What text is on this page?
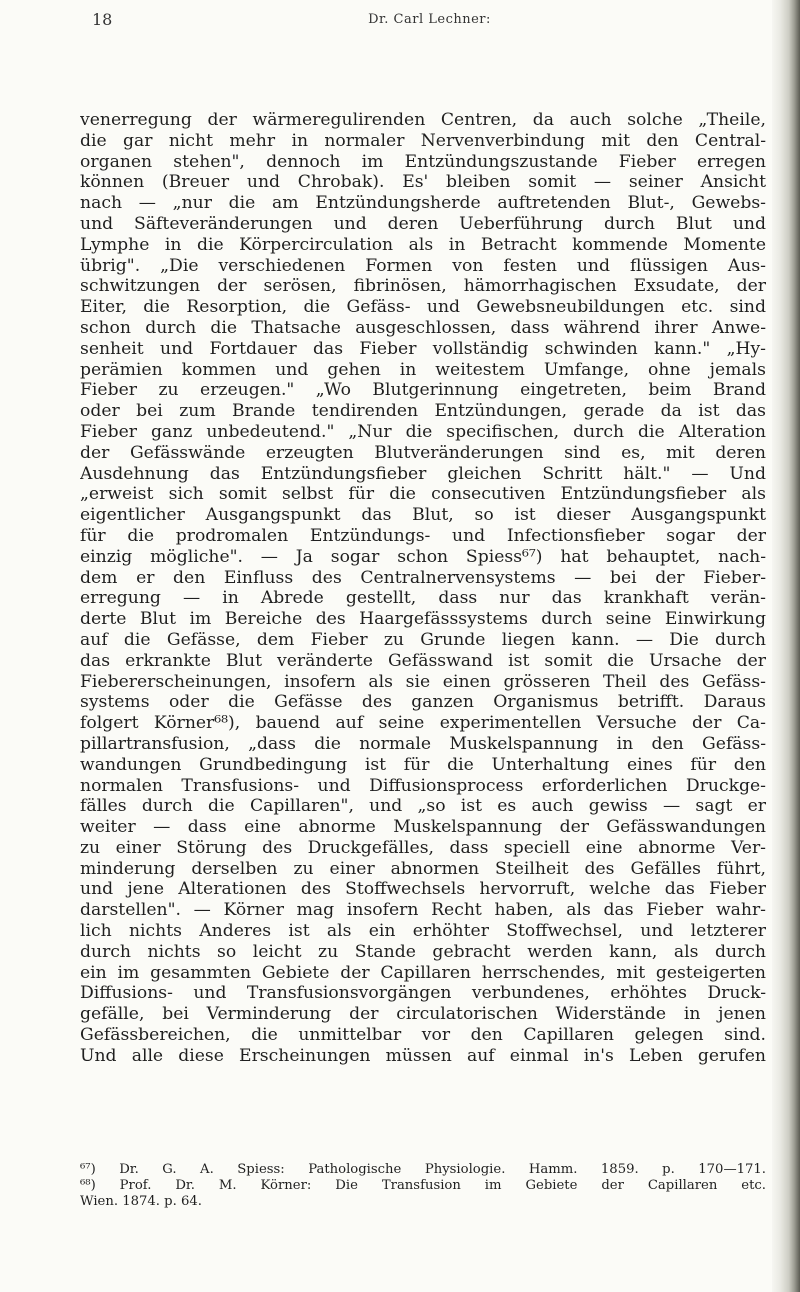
18	Dr. Carl Lechner:
venerregung der wärmeregulirenden Centren, da auch solche „Theile,
die gar nicht mehr in normaler Nervenverbindung mit den Central-
organen stehen", dennoch im Entzündungszustande Fieber erregen
können (Breuer und Chrobak). Es' bleiben somit — seiner Ansicht
nach — „nur die am Entzündungsherde auftretenden Blut-, Gewebs-
und Säfteveränderungen und deren Ueberführung durch Blut und
Lymphe in die Körpercirculation als in Betracht kommende Momente
übrig". „Die verschiedenen Formen von festen und flüssigen Aus-
schwitzungen der serösen, fibrinösen, hämorrhagischen Exsudate, der
Eiter, die Resorption, die Gefäss- und Gewebsneubildungen etc. sind
schon durch die Thatsache ausgeschlossen, dass während ihrer Anwe-
senheit und Fortdauer das Fieber vollständig schwinden kann." „Hy-
perämien kommen und gehen in weitestem Umfange, ohne jemals
Fieber zu erzeugen." „Wo Blutgerinnung eingetreten, beim Brand
oder bei zum Brande tendirenden Entzündungen, gerade da ist das
Fieber ganz unbedeutend." „Nur die specifischen, durch die Alteration
der Gefässwände erzeugten Blutveränderungen sind es, mit deren
Ausdehnung das Entzündungsfieber gleichen Schritt hält." — Und
„erweist sich somit selbst für die consecutiven Entzündungsfieber als
eigentlicher Ausgangspunkt das Blut, so ist dieser Ausgangspunkt
für die prodromalen Entzündungs- und Infectionsfieber sogar der
einzig mögliche". — Ja sogar schon Spiess⁶⁷) hat behauptet, nach-
dem er den Einfluss des Centralnervensystems — bei der Fieber-
erregung — in Abrede gestellt, dass nur das krankhaft verän-
derte Blut im Bereiche des Haargefässsystems durch seine Einwirkung
auf die Gefässe, dem Fieber zu Grunde liegen kann. — Die durch
das erkrankte Blut veränderte Gefässwand ist somit die Ursache der
Fiebererscheinungen, insofern als sie einen grösseren Theil des Gefäss-
systems oder die Gefässe des ganzen Organismus betrifft. Daraus
folgert Körner⁶⁸), bauend auf seine experimentellen Versuche der Ca-
pillartransfusion, „dass die normale Muskelspannung in den Gefäss-
wandungen Grundbedingung ist für die Unterhaltung eines für den
normalen Transfusions- und Diffusionsprocess erforderlichen Druckge-
fälles durch die Capillaren", und „so ist es auch gewiss — sagt er
weiter — dass eine abnorme Muskelspannung der Gefässwandungen
zu einer Störung des Druckgefälles, dass speciell eine abnorme Ver-
minderung derselben zu einer abnormen Steilheit des Gefälles führt,
und jene Alterationen des Stoffwechsels hervorruft, welche das Fieber
darstellen". — Körner mag insofern Recht haben, als das Fieber wahr-
lich nichts Anderes ist als ein erhöhter Stoffwechsel, und letzterer
durch nichts so leicht zu Stande gebracht werden kann, als durch
ein im gesammten Gebiete der Capillaren herrschendes, mit gesteigerten
Diffusions- und Transfusionsvorgängen verbundenes, erhöhtes Druck-
gefälle, bei Verminderung der circulatorischen Widerstände in jenen
Gefässbereichen, die unmittelbar vor den Capillaren gelegen sind.
Und alle diese Erscheinungen müssen auf einmal in's Leben gerufen
⁶⁷) Dr. G. A. Spiess: Pathologische Physiologie. Hamm. 1859. p. 170—171.
⁶⁸) Prof. Dr. M. Körner: Die Transfusion im Gebiete der Capillaren etc.
Wien. 1874. p. 64.
